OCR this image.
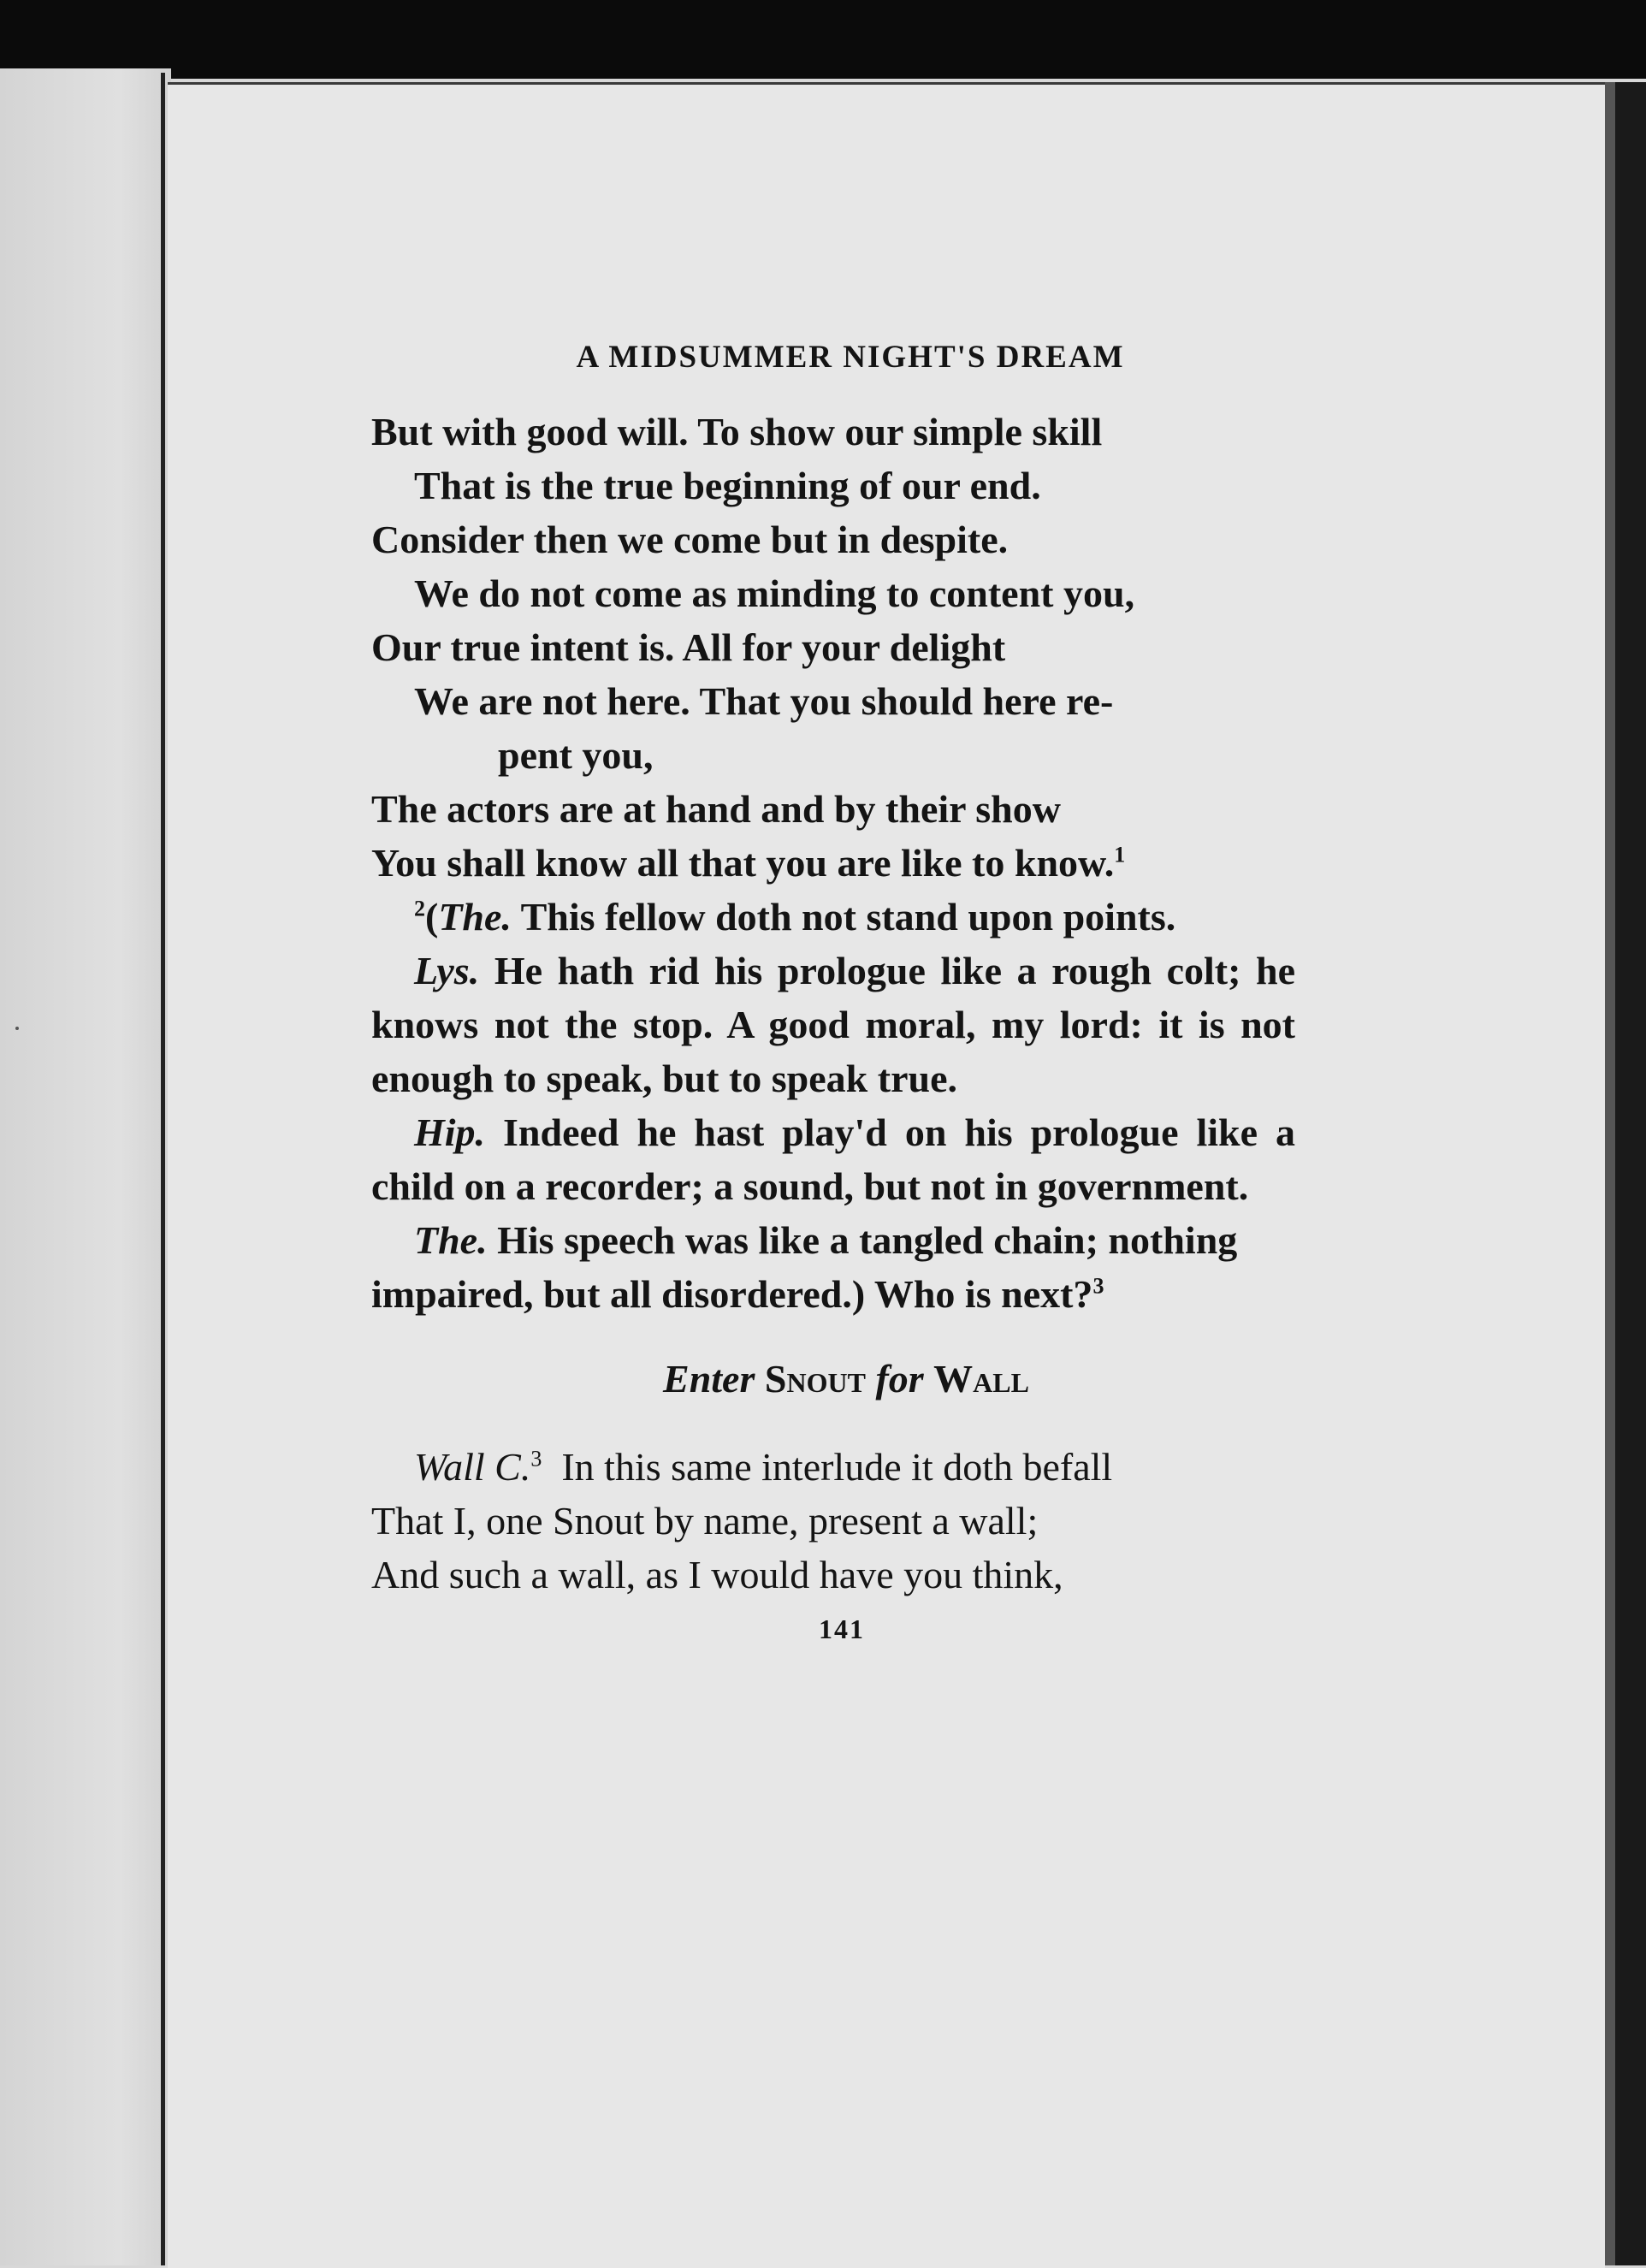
A MIDSUMMER NIGHT'S DREAM
But with good will. To show our simple skill
That is the true beginning of our end.
Consider then we come but in despite.
We do not come as minding to content you,
Our true intent is. All for your delight
We are not here. That you should here re-
pent you,
The actors are at hand and by their show
You shall know all that you are like to know.$^1$
$^2$(The. This fellow doth not stand upon points.
Lys. He hath rid his prologue like a rough colt; he knows not the stop. A good moral, my lord: it is not enough to speak, but to speak true.
Hip. Indeed he hast play'd on his prologue like a child on a recorder; a sound, but not in government.
The. His speech was like a tangled chain; nothing impaired, but all disordered.) Who is next?$^3$
Enter Snout for Wall
Wall C.$^3$  In this same interlude it doth befall
That I, one Snout by name, present a wall;
And such a wall, as I would have you think,
141
